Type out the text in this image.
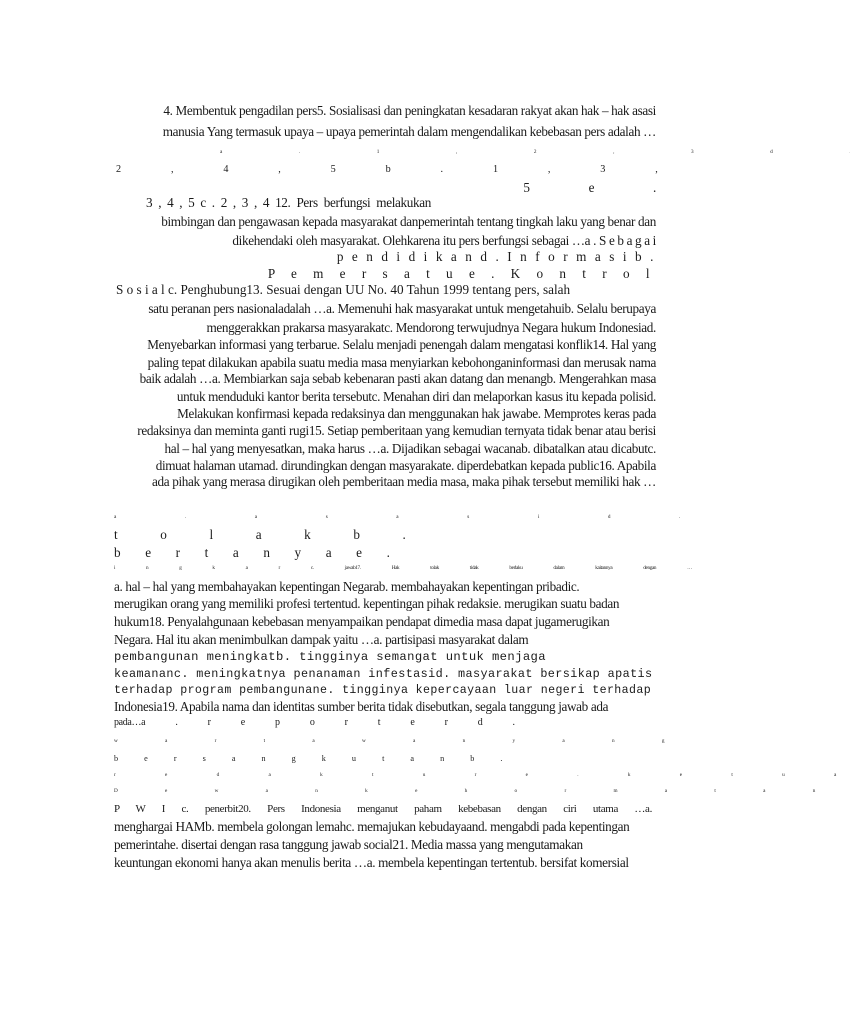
4. Membentuk pengadilan pers5. Sosialisasi dan peningkatan kesadaran rakyat akan hak – hak asasi
manusia Yang termasuk upaya – upaya pemerintah dalam mengendalikan kebebasan pers adalah …
a . 1 , 2 , 3 d .
2 , 4 , 5 b . 1 , 3 ,
5 e .
3 , 4 , 5 c . 2 , 3 , 4 12. Pers berfungsi melakukan
bimbingan dan pengawasan kepada masyarakat danpemerintah tentang tingkah laku yang benar dan
dikehendaki oleh masyarakat. Olehkarena itu pers berfungsi sebagai …a . S e b a g a i
p e n d i d i k a n d . I n f o r m a s i b .
P e m e r s a t u e . K o n t r o l
S o s i a l c. Penghubung13. Sesuai dengan UU No. 40 Tahun 1999 tentang pers, salah
satu peranan pers nasionaladalah …a. Memenuhi hak masyarakat untuk mengetahuib. Selalu berupaya
menggerakkan prakarsa masyarakatc. Mendorong terwujudnya Negara hukum Indonesiad.
Menyebarkan informasi yang terbarue. Selalu menjadi penengah dalam mengatasi konflik14. Hal yang
paling tepat dilakukan apabila suatu media masa menyiarkan kebohonganinformasi dan merusak nama
baik adalah …a. Membiarkan saja sebab kebenaran pasti akan datang dan menangb. Mengerahkan masa
untuk menduduki kantor berita tersebutc. Menahan diri dan melaporkan kasus itu kepada polisid.
Melakukan konfirmasi kepada redaksinya dan menggunakan hak jawabe. Memprotes keras pada
redaksinya dan meminta ganti rugi15. Setiap pemberitaan yang kemudian ternyata tidak benar atau berisi
hal – hal yang menyesatkan, maka harus …a. Dijadikan sebagai wacanab. dibatalkan atau dicabutc.
dimuat halaman utamad. dirundingkan dengan masyarakate. diperdebatkan kepada public16. Apabila
ada pihak yang merasa dirugikan oleh pemberitaan media masa, maka pihak tersebut memiliki hak …
a . a s a s i d .
t o l a k b .
b e r t a n y a e .
i n g k a r c. jawab17. Hak tolak tidak berlaku dalam kaitannya dengan …
a. hal – hal yang membahayakan kepentingan Negarab. membahayakan kepentingan pribadic.
merugikan orang yang memiliki profesi tertentud. kepentingan pihak redaksie. merugikan suatu badan
hukum18. Penyalahgunaan kebebasan menyampaikan pendapat dimedia masa dapat jugamerugikan
Negara. Hal itu akan menimbulkan dampak yaitu …a. partisipasi masyarakat dalam
pembangunan meningkatb. tingginya semangat untuk menjaga
keamananc. meningkatnya penanaman infestasid. masyarakat bersikap apatis
terhadap program pembangunane. tingginya kepercayaan luar negeri terhadap
Indonesia19. Apabila nama dan identitas sumber berita tidak disebutkan, segala tanggung jawab ada
pada…a . r e p o r t e r d .
w a r t a w a n y a n g
b e r s a n g k u t a n b .
r e d a k t u r e . k e t u a
D e w a n k e h o r m a t a n
P W I c. penerbit20. Pers Indonesia menganut paham kebebasan dengan ciri utama …a.
menghargai HAMb. membela golongan lemahc. memajukan kebudayaand. mengabdi pada kepentingan
pemerintahe. disertai dengan rasa tanggung jawab social21. Media massa yang mengutamakan
keuntungan ekonomi hanya akan menulis berita …a. membela kepentingan tertentub. bersifat komersial
